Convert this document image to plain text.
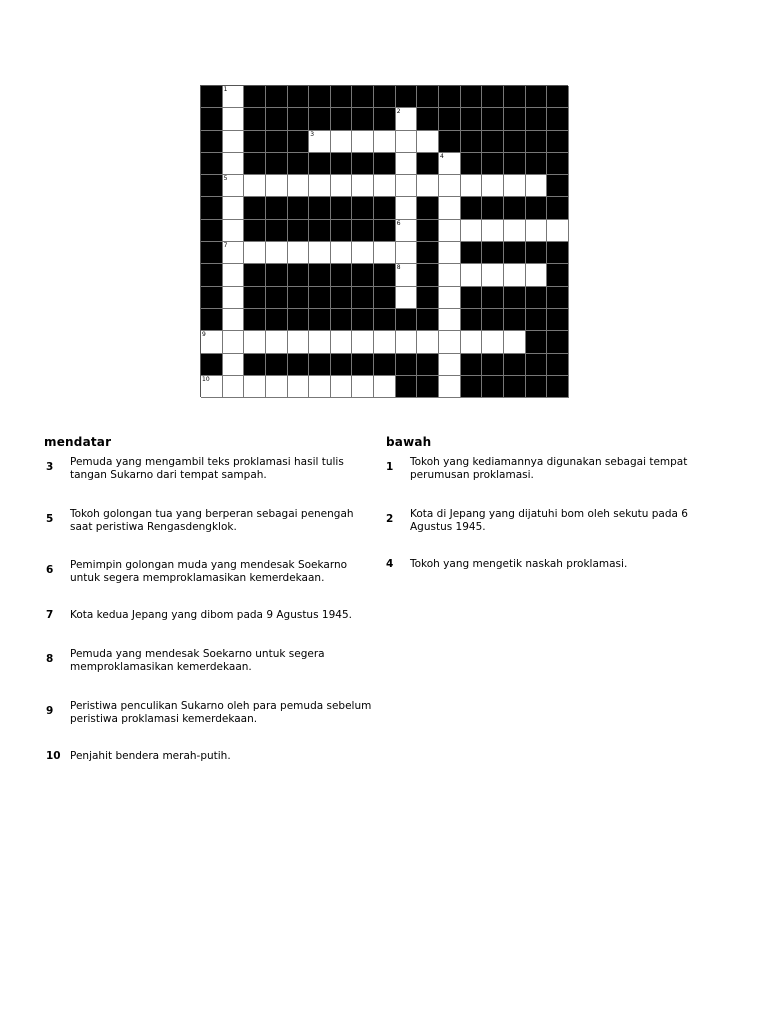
1
2
3
4
5
6
7
8
9
10
mendatar	bawah
3	Pemuda yang mengambil teks proklamasi hasil tulis tangan Sukarno dari tempat sampah.
5	Tokoh golongan tua yang berperan sebagai penengah saat peristiwa Rengasdengklok.
6	Pemimpin golongan muda yang mendesak Soekarno untuk segera memproklamasikan kemerdekaan.
7	Kota kedua Jepang yang dibom pada 9 Agustus 1945.
8	Pemuda yang mendesak Soekarno untuk segera memproklamasikan kemerdekaan.
9	Peristiwa penculikan Sukarno oleh para pemuda sebelum peristiwa proklamasi kemerdekaan.
10 Penjahit bendera merah-putih.
1	Tokoh yang kediamannya digunakan sebagai tempat perumusan proklamasi.
2	Kota di Jepang yang dijatuhi bom oleh sekutu pada 6 Agustus 1945.
4	Tokoh yang mengetik naskah proklamasi.
